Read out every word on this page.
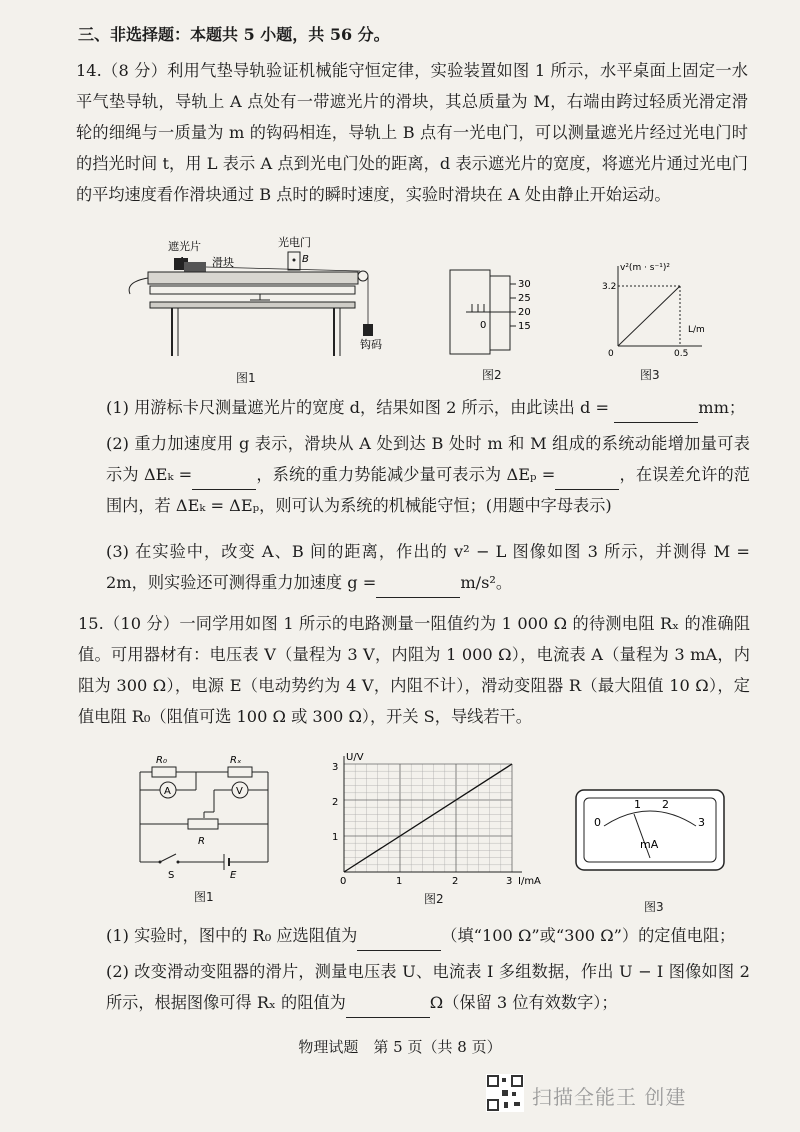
三、非选择题：本题共 5 小题，共 56 分。

14.（8 分）利用气垫导轨验证机械能守恒定律，实验装置如图 1 所示，水平桌面上固定一水平气垫导轨，导轨上 A 点处有一带遮光片的滑块，其总质量为 M，右端由跨过轻质光滑定滑轮的细绳与一质量为 m 的钩码相连，导轨上 B 点有一光电门，可以测量遮光片经过光电门时的挡光时间 t，用 L 表示 A 点到光电门处的距离，d 表示遮光片的宽度，将遮光片通过光电门的平均速度看作滑块通过 B 点时的瞬时速度，实验时滑块在 A 处由静止开始运动。

遮光片
滑块
光电门
B
钩码
图1
0
30
25
20
15
图2
v²(m · s⁻¹)²
3.2
L/m
0	0.5
图3

(1) 用游标卡尺测量遮光片的宽度 d，结果如图 2 所示，由此读出 d =	mm；

(2) 重力加速度用 g 表示，滑块从 A 处到达 B 处时 m 和 M 组成的系统动能增加量可表示为 ΔEₖ =	，系统的重力势能减少量可表示为 ΔEₚ =	，在误差允许的范围内，若 ΔEₖ = ΔEₚ，则可认为系统的机械能守恒；(用题中字母表示)

(3) 在实验中，改变 A、B 间的距离，作出的 v² − L 图像如图 3 所示，并测得 M = 2m，则实验还可测得重力加速度 g =	m/s²。

15.（10 分）一同学用如图 1 所示的电路测量一阻值约为 1 000 Ω 的待测电阻 Rₓ 的准确阻值。可用器材有：电压表 V（量程为 3 V，内阻为 1 000 Ω），电流表 A（量程为 3 mA，内阻为 300 Ω），电源 E（电动势约为 4 V，内阻不计），滑动变阻器 R（最大阻值 10 Ω），定值电阻 R₀（阻值可选 100 Ω 或 300 Ω），开关 S，导线若干。

R₀	Rₓ
A	V
R
S	E
图1
U/V
I/mA
3
2
1
0	1	2	3
图2
0
1 2
3
mA
图3

(1) 实验时，图中的 R₀ 应选阻值为	（填“100 Ω”或“300 Ω”）的定值电阻；

(2) 改变滑动变阻器的滑片，测量电压表 U、电流表 I 多组数据，作出 U − I 图像如图 2 所示，根据图像可得 Rₓ 的阻值为	Ω（保留 3 位有效数字）；

物理试题　第 5 页（共 8 页）
扫描全能王 创建
